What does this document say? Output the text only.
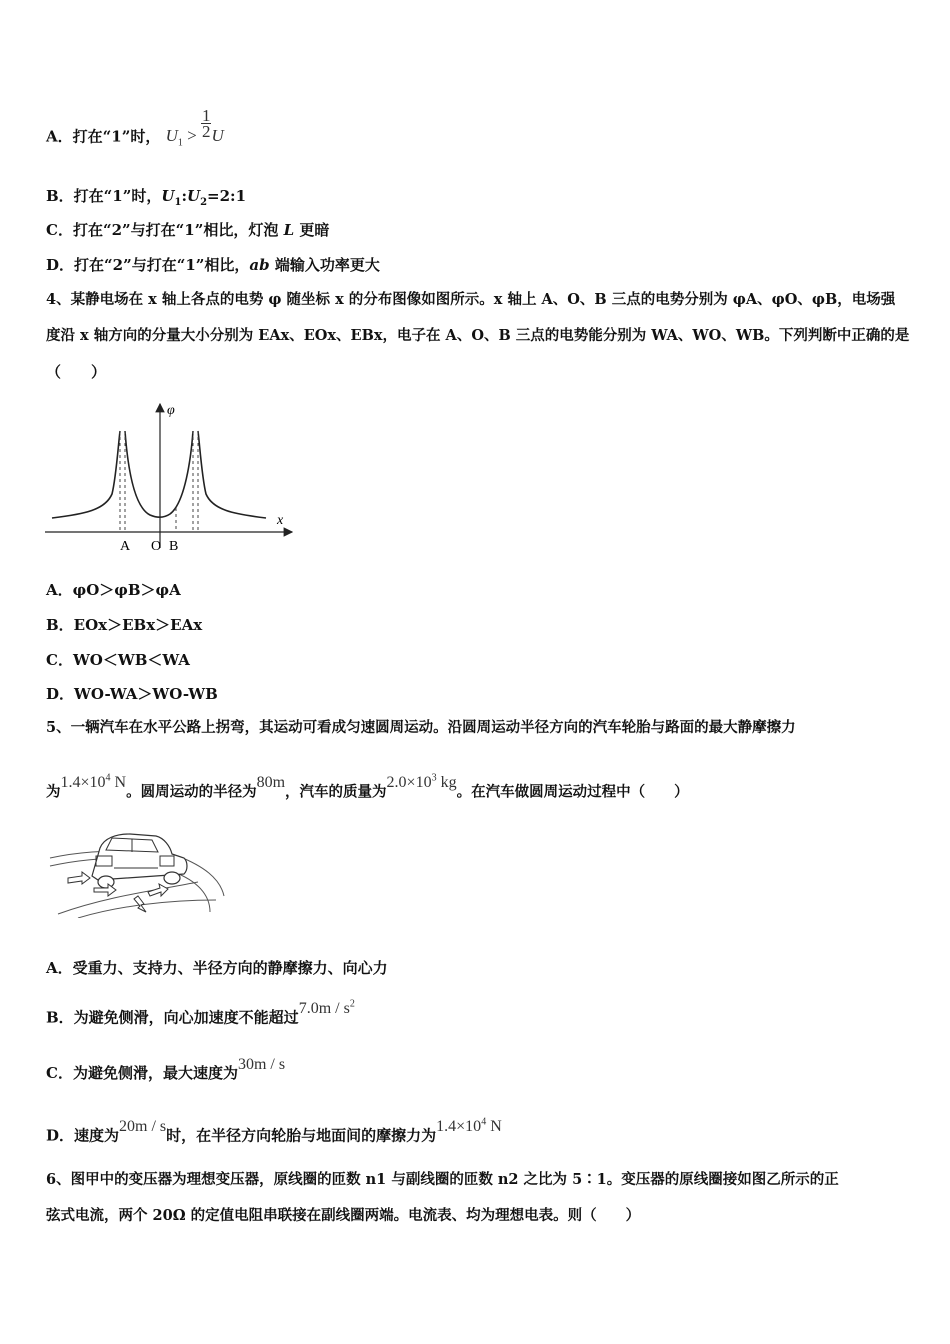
A．打在“1”时， $U_1 > \frac{1}{2}$ U
B．打在“1”时，$U_1:U_2=2:1$
C．打在“2”与打在“1”相比，灯泡 L 更暗
D．打在“2”与打在“1”相比，ab 端输入功率更大
4、某静电场在 x 轴上各点的电势 φ 随坐标 x 的分布图像如图所示。x 轴上 A、O、B 三点的电势分别为 φA、φO、φB，电场强
度沿 x 轴方向的分量大小分别为 EAx、EOx、EBx，电子在 A、O、B 三点的电势能分别为 WA、WO、WB。下列判断中正确的是
（　　）
φ
x
A O B
A．φO＞φB＞φA
B．EOx＞EBx＞EAx
C．WO＜WB＜WA
D．WO-WA＞WO-WB
5、一辆汽车在水平公路上拐弯，其运动可看成匀速圆周运动。沿圆周运动半径方向的汽车轮胎与路面的最大静摩擦力
为$1.4\times 10^4$ N。圆周运动的半径为80m，汽车的质量为$2.0\times 10^3$ kg。在汽车做圆周运动过程中（　　）
A．受重力、支持力、半径方向的静摩擦力、向心力
B．为避免侧滑，向心加速度不能超过$7.0m / s^2$
C．为避免侧滑，最大速度为30m / s
D．速度为20m / s时，在半径方向轮胎与地面间的摩擦力为$1.4\times 10^4$ N
6、图甲中的变压器为理想变压器，原线圈的匝数 n1 与副线圈的匝数 n2 之比为 5∶1。变压器的原线圈接如图乙所示的正
弦式电流，两个 20Ω 的定值电阻串联接在副线圈两端。电流表、均为理想电表。则（　　）
